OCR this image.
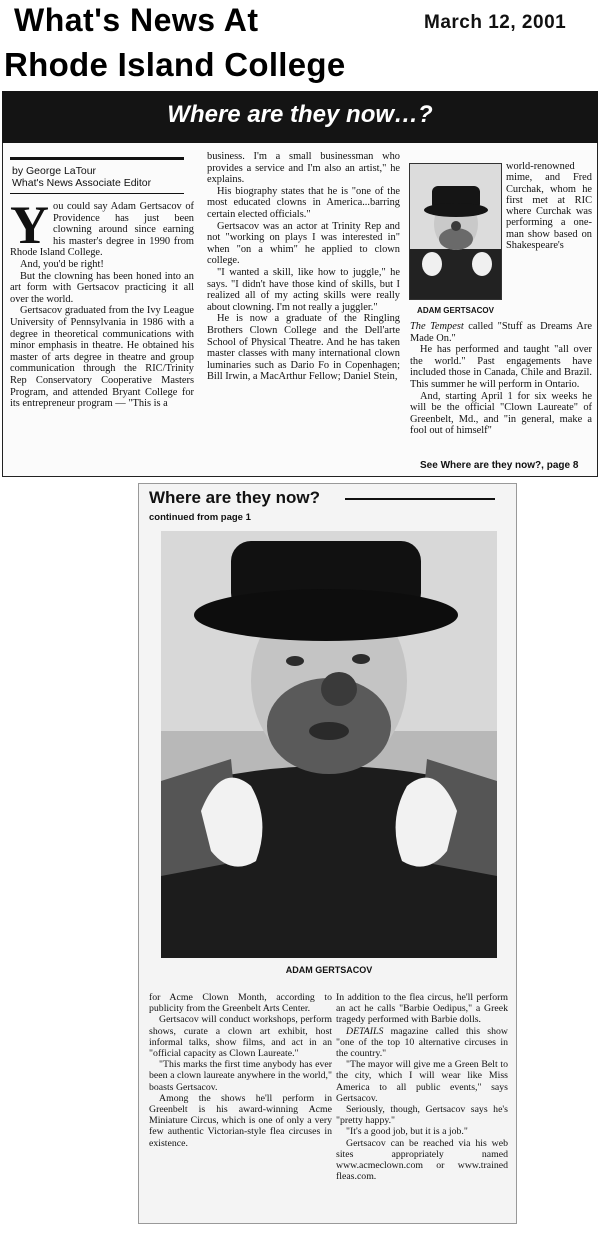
What's News At
Rhode Island College
March 12, 2001
Where are they now…?
by George LaTour
What's News Associate Editor

You could say Adam Gertsacov of Providence has just been clowning around since earning his master's degree in 1990 from Rhode Island College.

And, you'd be right!

But the clowning has been honed into an art form with Gertsacov practicing it all over the world.

Gertsacov graduated from the Ivy League University of Pennsylvania in 1986 with a degree in theoretical communications with minor emphasis in theatre. He obtained his master of arts degree in theatre and group communication through the RIC/Trinity Rep Conservatory Cooperative Masters Program, and attended Bryant College for its entrepreneur program — "This is a

business. I'm a small businessman who provides a service and I'm also an artist," he explains.

His biography states that he is "one of the most educated clowns in America...barring certain elected officials."

Gertsacov was an actor at Trinity Rep and not "working on plays I was interested in" when "on a whim" he applied to clown college.

"I wanted a skill, like how to juggle," he says. "I didn't have those kind of skills, but I realized all of my acting skills were really about clowning. I'm not really a juggler."

He is now a graduate of the Ringling Brothers Clown College and the Dell'arte School of Physical Theatre. And he has taken master classes with many international clown luminaries such as Dario Fo in Copenhagen; Bill Irwin, a MacArthur Fellow; Daniel Stein,

ADAM GERTSACOV

world-renowned mime, and Fred Curchak, whom he first met at RIC where Curchak was performing a one-man show based on Shakespeare's

The Tempest called "Stuff as Dreams Are Made On."

He has performed and taught "all over the world." Past engagements have included those in Canada, Chile and Brazil. This summer he will perform in Ontario.

And, starting April 1 for six weeks he will be the official "Clown Laureate" of Greenbelt, Md., and "in general, make a fool out of himself"

See Where are they now?, page 8
Where are they now?
continued from page 1
ADAM GERTSACOV

for Acme Clown Month, according to publicity from the Greenbelt Arts Center.

Gertsacov will conduct workshops, perform shows, curate a clown art exhibit, host informal talks, show films, and act in an "official capacity as Clown Laureate."

"This marks the first time anybody has ever been a clown laureate anywhere in the world," boasts Gertsacov.

Among the shows he'll perform in Greenbelt is his award-winning Acme Miniature Circus, which is one of only a very few authentic Victorian-style flea circuses in existence.

In addition to the flea circus, he'll perform an act he calls "Barbie Oedipus," a Greek tragedy performed with Barbie dolls.

DETAILS magazine called this show "one of the top 10 alternative circuses in the country."

"The mayor will give me a Green Belt to the city, which I will wear like Miss America to all public events," says Gertsacov.

Seriously, though, Gertsacov says he's "pretty happy."

"It's a good job, but it is a job."

Gertsacov can be reached via his web sites appropriately named www.acmeclown.com or www.trained fleas.com.
